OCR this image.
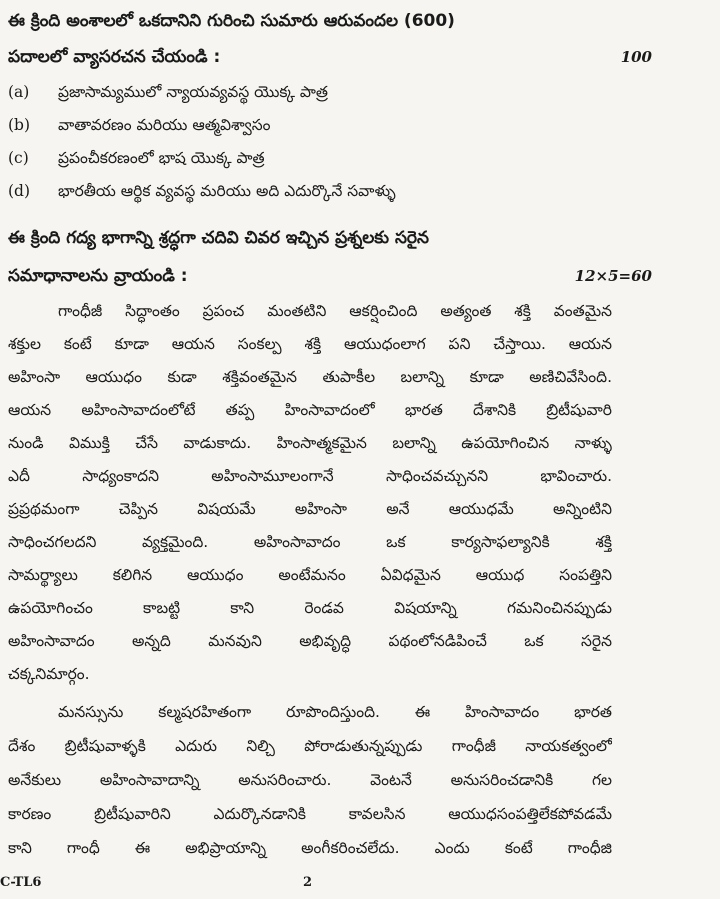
ఈ క్రింది అంశాలలో ఒకదానిని గురించి సుమారు ఆరువందల (600)
పదాలలో వ్యాసరచన చేయండి :	100
(a) ప్రజాసామ్యములో న్యాయవ్యవస్థ యొక్క పాత్ర
(b) వాతావరణం మరియు ఆత్మవిశ్వాసం
(c) ప్రపంచీకరణంలో భాష యొక్క పాత్ర
(d) భారతీయ ఆర్థిక వ్యవస్థ మరియు అది ఎదుర్కొనే సవాళ్ళు
ఈ క్రింది గద్య భాగాన్ని శ్రద్ధగా చదివి చివర ఇచ్చిన ప్రశ్నలకు సరైన
సమాధానాలను వ్రాయండి :	12×5=60
గాంధీజీ సిద్ధాంతం ప్రపంచ మంతటిని ఆకర్షించింది అత్యంత శక్తి వంతమైన
శక్తుల కంటే కూడా ఆయన సంకల్ప శక్తి ఆయుధంలాగ పని చేస్తాయి. ఆయన
అహింసా ఆయుధం కుడా శక్తివంతమైన తుపాకీల బలాన్ని కూడా అణిచివేసింది.
ఆయన అహింసావాదంలోటే తప్ప హింసావాదంలో భారత దేశానికి బ్రిటీషువారి
నుండి విముక్తి చేసే వాడుకాదు. హింసాత్మకమైన బలాన్ని ఉపయోగించిన నాళ్ళు
ఎదీ సాధ్యంకాదని అహింసామూలంగానే సాధించవచ్చునని భావించారు.
ప్రప్రథమంగా చెప్పిన విషయమే అహింసా అనే ఆయుధమే అన్నింటిని
సాధించగలదని వ్యక్తమైంది. అహింసావాదం ఒక కార్యసాఫల్యానికి శక్తి
సామర్థ్యాలు కలిగిన ఆయుధం అంటేమనం ఏవిధమైన ఆయుధ సంపత్తిని
ఉపయోగించం కాబట్టి కాని రెండవ విషయాన్ని గమనించినప్పుడు
అహింసావాదం అన్నది మనవుని అభివృద్ధి పథంలోనడిపించే ఒక సరైన
చక్కనిమార్గం.
మనస్సును కల్మషరహితంగా రూపొందిస్తుంది. ఈ హింసావాదం భారత
దేశం బ్రిటీషువాళ్ళకి ఎదురు నిల్చి పోరాడుతున్నప్పుడు గాంధీజీ నాయకత్వంలో
అనేకులు అహింసావాదాన్ని అనుసరించారు. వెంటనే అనుసరించడానికి గల
కారణం బ్రిటీషువారిని ఎదుర్కొనడానికి కావలసిన ఆయుధసంపత్తిలేకపోవడమే
కాని గాంధీ ఈ అభిప్రాయాన్ని అంగీకరించలేదు. ఎందు కంటే గాంధీజి
C-TL6	2
